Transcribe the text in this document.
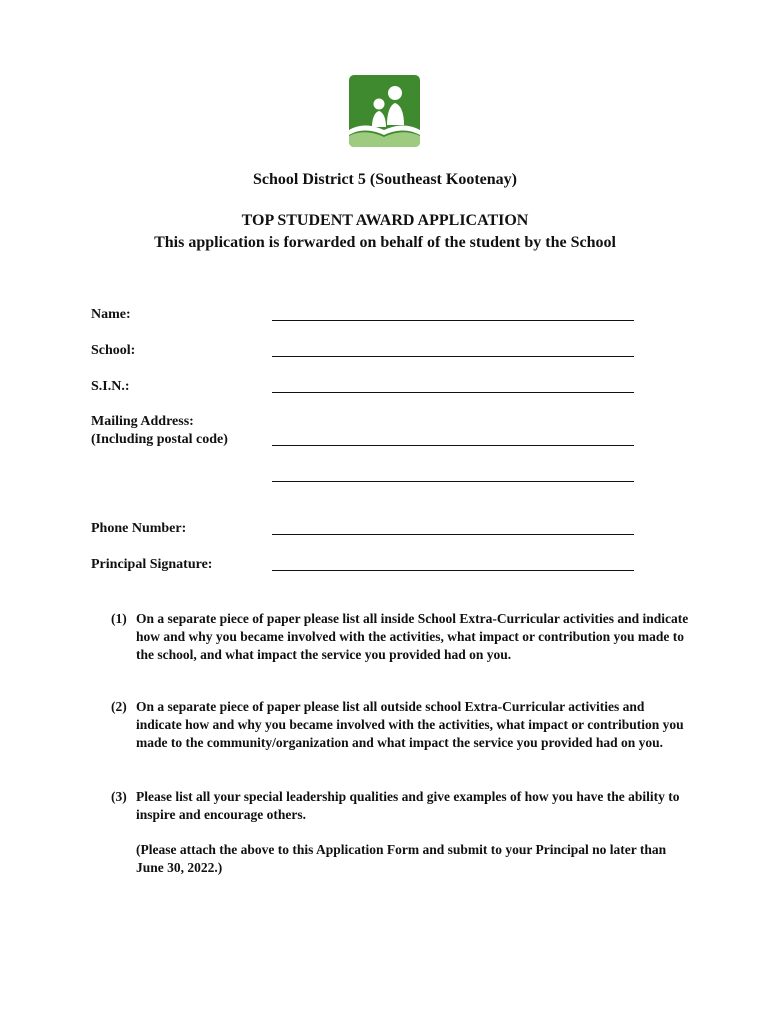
School District 5 (Southeast Kootenay)
TOP STUDENT AWARD APPLICATION
This application is forwarded on behalf of the student by the School
Name:
School:
S.I.N.:
Mailing Address:
(Including postal code)
Phone Number:
Principal Signature:
(1) On a separate piece of paper please list all inside School Extra-Curricular activities and indicate how and why you became involved with the activities, what impact or contribution you made to the school, and what impact the service you provided had on you.
(2) On a separate piece of paper please list all outside school Extra-Curricular activities and indicate how and why you became involved with the activities, what impact or contribution you made to the community/organization and what impact the service you provided had on you.
(3) Please list all your special leadership qualities and give examples of how you have the ability to inspire and encourage others.
(Please attach the above to this Application Form and submit to your Principal no later than June 30, 2022.)
